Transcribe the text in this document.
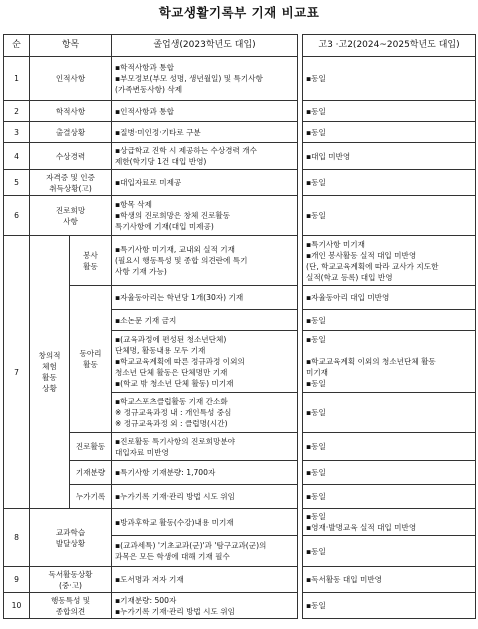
학교생활기록부 기재 비교표
순	항목		졸업생(2023학년도 대입)		고3 ·고2(2024~2025학년도 대입)
1	인적사항		▪학적사항과 통합
▪부모정보(부모 성명, 생년월일) 및 특기사항
(가족변동사항) 삭제		▪동일

2	학적사항		▪인적사항과 통합		▪동일

3	출결상황		▪질병·미인정·기타로 구분		▪동일

4	수상경력		▪상급학교 진학 시 제공하는 수상경력 개수
제한(학기당 1건 대입 반영)		▪대입 미반영

5	자격증 및 인증
취득상황(고)		▪대입자료로 미제공		▪동일

6	진로희망
사항		▪항목 삭제
▪학생의 진로희망은 창체 진로활동
특기사항에 기재(대입 미제공)		▪동일

7	창의적
체험
활동
상황	봉사
활동	▪특기사항 미기재, 교내외 실적 기재
(필요시 행동특성 및 종합 의견란에 특기
사항 기재 가능)		▪특기사항 미기재
▪개인 봉사활동 실적 대입 미반영
(단, 학교교육계획에 따라 교사가 지도한
실적(학교 등록) 대입 반영

		동아리
활동	▪자율동아리는 학년당 1개(30자) 기재		▪자율동아리 대입 미반영

			▪소논문 기재 금지		▪동일

			▪(교육과정에 편성된 청소년단체)
단체명, 활동내용 모두 기재
▪학교교육계획에 따른 정규과정 이외의
청소년 단체 활동은 단체명만 기재
▪(학교 밖 청소년 단체 활동) 미기재		▪동일
▪학교교육계획 이외의 청소년단체 활동
미기재
▪동일

			▪학교스포츠클럽활동 기재 간소화
※ 정규교육과정 내 : 개인특성 중심
※ 정규교육과정 외 : 클럽명(시간)		▪동일

		진로활동	▪진로활동 특기사항의 진로희망분야
대입자료 미반영		▪동일

		기재분량	▪특기사항 기재분량: 1,700자		▪동일

		누가기록	▪누가기록 기재·관리 방법 시도 위임		▪동일

8	교과학습
발달상황		▪방과후학교 활동(수강)내용 미기재		▪동일
▪영재·발명교육 실적 대입 미반영

			▪(교과세특) '기초교과(군)'과 '탐구교과(군)의
과목은 모든 학생에 대해 기재 필수		▪동일

9	독서활동상황
(중·고)		▪도서명과 저자 기재		▪독서활동 대입 미반영

10	행동특성 및
종합의견		▪기재분량: 500자
▪누가기록 기재·관리 방법 시도 위임		▪동일
